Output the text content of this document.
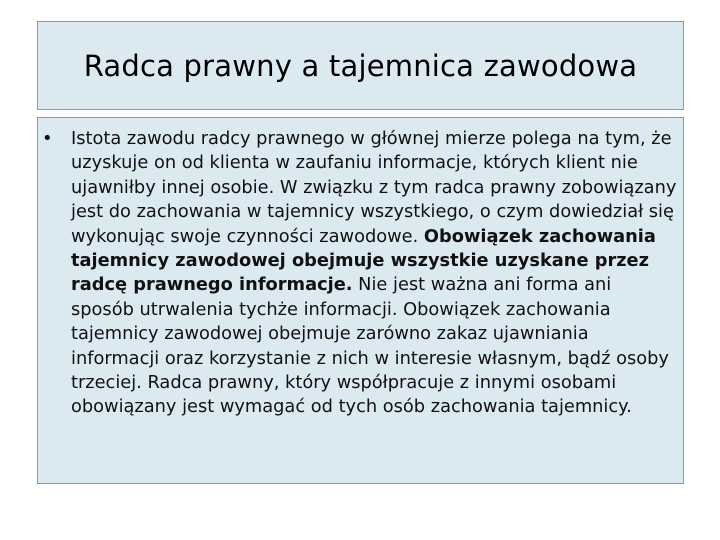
Radca prawny a tajemnica zawodowa
•	Istota zawodu radcy prawnego w głównej mierze polega na tym, że uzyskuje on od klienta w zaufaniu informacje, których klient nie ujawniłby innej osobie. W związku z tym radca prawny zobowiązany jest do zachowania w tajemnicy wszystkiego, o czym dowiedział się wykonując swoje czynności zawodowe. Obowiązek zachowania tajemnicy zawodowej obejmuje wszystkie uzyskane przez radcę prawnego informacje. Nie jest ważna ani forma ani sposób utrwalenia tychże informacji. Obowiązek zachowania tajemnicy zawodowej obejmuje zarówno zakaz ujawniania informacji oraz korzystanie z nich w interesie własnym, bądź osoby trzeciej. Radca prawny, który współpracuje z innymi osobami obowiązany jest wymagać od tych osób zachowania tajemnicy.
